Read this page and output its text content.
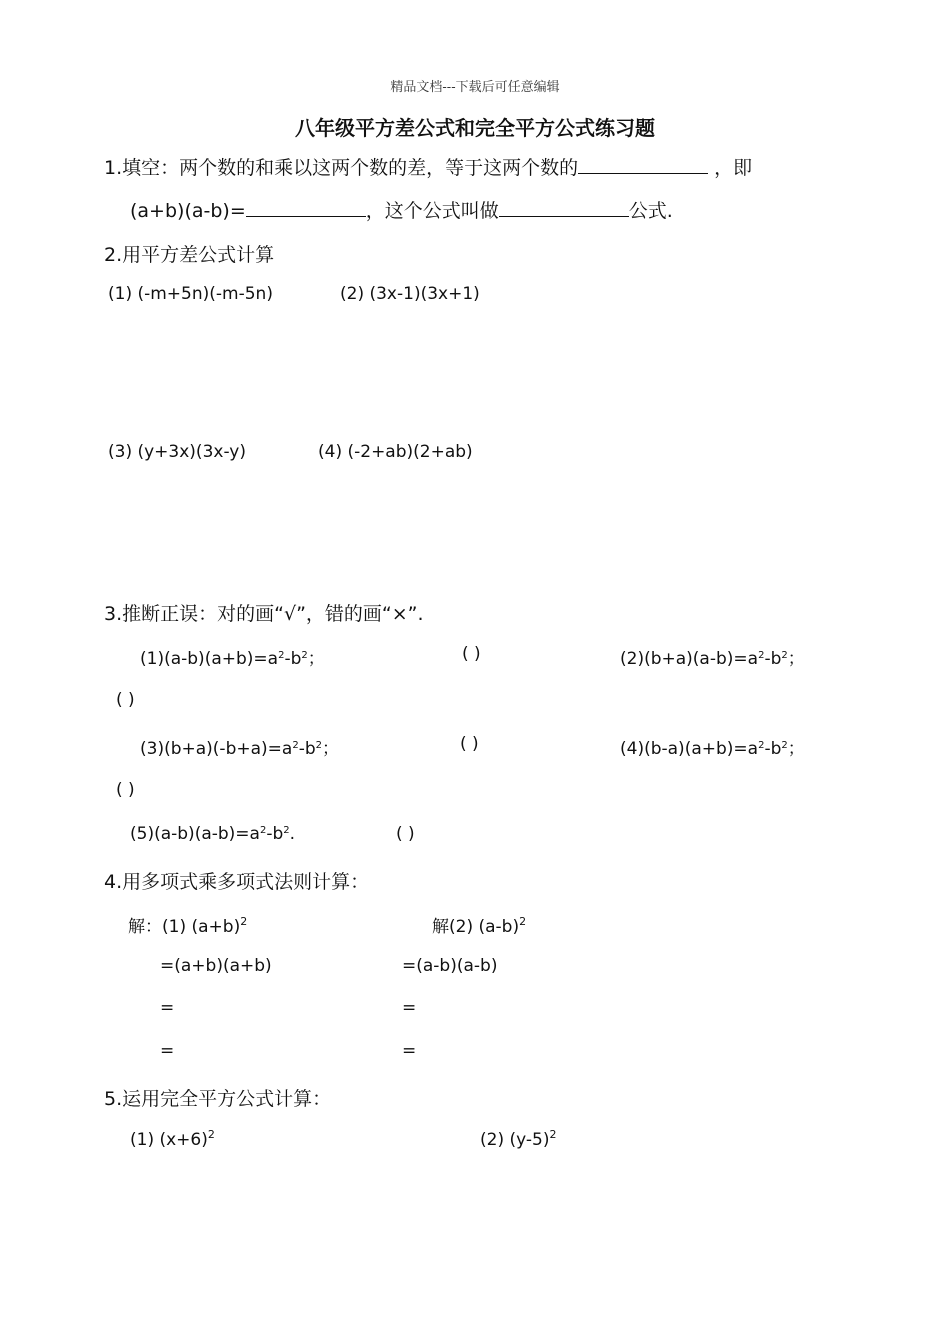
精品文档---下载后可任意编辑
八年级平方差公式和完全平方公式练习题
1.填空：两个数的和乘以这两个数的差，等于这两个数的	，即
(a+b)(a-b)=	，这个公式叫做	公式.
2.用平方差公式计算
(1) (-m+5n)(-m-5n)	(2) (3x-1)(3x+1)
(3) (y+3x)(3x-y)	(4) (-2+ab)(2+ab)
3.推断正误：对的画“√”，错的画“×”.
$(1)(a-b)(a+b)=a^2-b^2$；	( )	$(2)(b+a)(a-b)=a^2-b^2$；
( )
$(3)(b+a)(-b+a)=a^2-b^2$；	( )	$(4)(b-a)(a+b)=a^2-b^2$；
( )
$(5)(a-b)(a-b)=a^2-b^2$.	( )
4.用多项式乘多项式法则计算：
解：(1) $(a+b)^2$	解(2) $(a-b)^2$
=(a+b)(a+b)	=(a-b)(a-b)
=	=
=	=
5.运用完全平方公式计算：
(1) $(x+6)^2$	(2) $(y-5)^2$
